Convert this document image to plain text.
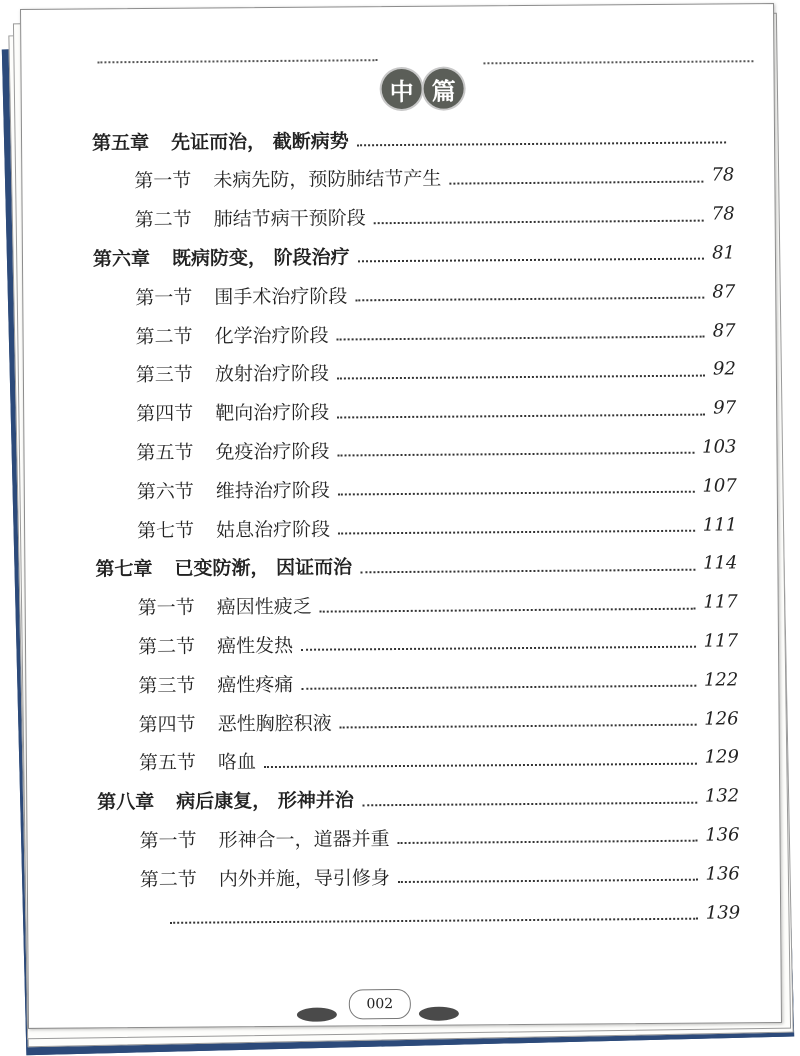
中 篇
第五章 先证而治， 截断病势
第一节 未病先防，预防肺结节产生	78
第二节 肺结节病干预阶段	78
第六章 既病防变， 阶段治疗	81
第一节 围手术治疗阶段	87
第二节 化学治疗阶段	87
第三节 放射治疗阶段	92
第四节 靶向治疗阶段	97
第五节 免疫治疗阶段	103
第六节 维持治疗阶段	107
第七节 姑息治疗阶段	111
第七章 已变防渐， 因证而治	114
第一节 癌因性疲乏	117
第二节 癌性发热	117
第三节 癌性疼痛	122
第四节 恶性胸腔积液	126
第五节 咯血	129
第八章 病后康复， 形神并治	132
第一节 形神合一，道器并重	136
第二节 内外并施，导引修身	136
139
002
